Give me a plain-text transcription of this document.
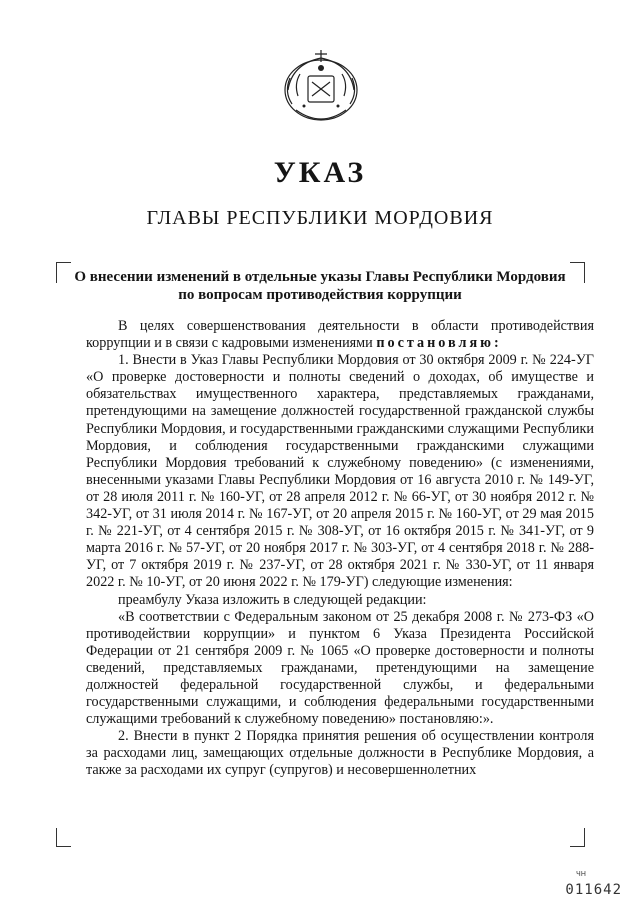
УКАЗ
ГЛАВЫ РЕСПУБЛИКИ МОРДОВИЯ
О внесении изменений в отдельные указы Главы Республики Мордовия
по вопросам противодействия коррупции

В целях совершенствования деятельности в области противодействия коррупции и в связи с кадровыми изменениями постановляю:

1. Внести в Указ Главы Республики Мордовия от 30 октября 2009 г. № 224-УГ «О проверке достоверности и полноты сведений о доходах, об имуществе и обязательствах имущественного характера, представляемых гражданами, претендующими на замещение должностей государственной гражданской службы Республики Мордовия, и государственными гражданскими служащими Республики Мордовия, и соблюдения государственными гражданскими служащими Республики Мордовия требований к служебному поведению» (с изменениями, внесенными указами Главы Республики Мордовия от 16 августа 2010 г. № 149-УГ, от 28 июля 2011 г. № 160-УГ, от 28 апреля 2012 г. № 66-УГ, от 30 ноября 2012 г. № 342-УГ, от 31 июля 2014 г. № 167-УГ, от 20 апреля 2015 г. № 160-УГ, от 29 мая 2015 г. № 221-УГ, от 4 сентября 2015 г. № 308-УГ, от 16 октября 2015 г. № 341-УГ, от 9 марта 2016 г. № 57-УГ, от 20 ноября 2017 г. № 303-УГ, от 4 сентября 2018 г. № 288-УГ, от 7 октября 2019 г. № 237-УГ, от 28 октября 2021 г. № 330-УГ, от 11 января 2022 г. № 10-УГ, от 20 июня 2022 г. № 179-УГ) следующие изменения:

преамбулу Указа изложить в следующей редакции:

«В соответствии с Федеральным законом от 25 декабря 2008 г. № 273-ФЗ «О противодействии коррупции» и пунктом 6 Указа Президента Российской Федерации от 21 сентября 2009 г. № 1065 «О проверке достоверности и полноты сведений, представляемых гражданами, претендующими на замещение должностей федеральной государственной службы, и федеральными государственными служащими, и соблюдения федеральными государственными служащими требований к служебному поведению» постановляю:».

2. Внести в пункт 2 Порядка принятия решения об осуществлении контроля за расходами лиц, замещающих отдельные должности в Республике Мордовия, а также за расходами их супруг (супругов) и несовершеннолетних

ЧН
011642
